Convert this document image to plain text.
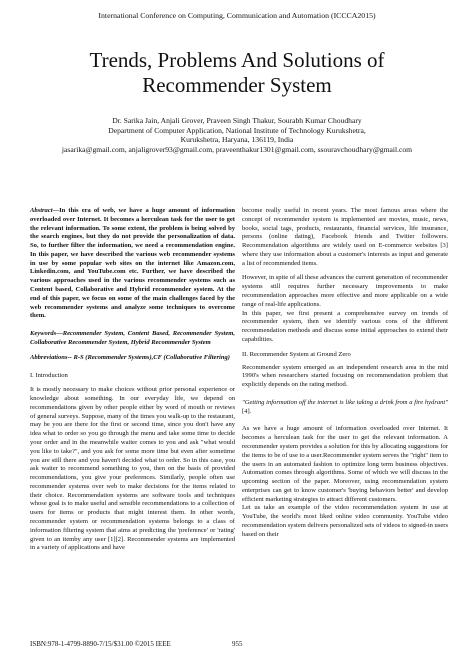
International Conference on Computing, Communication and Automation (ICCCA2015)
Trends, Problems And Solutions of
Recommender System
Dr. Sarika Jain, Anjali Grover, Praveen Singh Thakur, Sourabh Kumar Choudhary
Department of Computer Application, National Institute of Technology Kurukshetra,
Kurukshetra, Haryana, 136119, India
jasarika@gmail.com, anjaligrover93@gmail.com, praveenthakur1301@gmail.com, ssouravchoudhary@gmail.com

Abstract—In this era of web, we have a huge amount of information overloaded over Internet. It becomes a herculean task for the user to get the relevant information. To some extent, the problem is being solved by the search engines, but they do not provide the personalization of data. So, to further filter the information, we need a recommendation engine. In this paper, we have described the various web recommender systems in use by some popular web sites on the internet like Amazon.com, Linkedin.com, and YouTube.com etc. Further, we have described the various approaches used in the various recommender systems such as Content based, Collaborative and Hybrid recommender system. At the end of this paper, we focus on some of the main challenges faced by the web recommender systems and analyze some techniques to overcome them.

Keywords—Recommender System, Content Based, Recommender System, Collaborative Recommender System, Hybrid Recommender System

Abbreviations-- R-S (Recommender Systems),CF (Collaborative Filtering)

I. Introduction

It is mostly necessary to make choices without prior personal experience or knowledge about something. In our everyday life, we depend on recommendations given by other people either by word of mouth or reviews of general surveys. Suppose, many of the times you walk-up to the restaurant, may be you are there for the first or second time, since you don't have any idea what to order so you go through the menu and take some time to decide your order and in the meanwhile waiter comes to you and ask "what would you like to take?", and you ask for some more time but even after sometime you are still there and you haven't decided what to order. So in this case, you ask waiter to recommend something to you, then on the basis of provided recommendations, you give your preferences. Similarly, people often use recommender systems over web to make decisions for the items related to their choice. Recommendation systems are software tools and techniques whose goal is to make useful and sensible recommendations to a collection of users for items or products that might interest them. In other words, recommender system or recommendation systems belongs to a class of information filtering system that aims at predicting the 'preference' or 'rating' given to an itemby any user [1][2]. Recommender systems are implemented in a variety of applications and have

become really useful in recent years. The most famous areas where the concept of recommender system is implemented are movies, music, news, books, social tags, products, restaurants, financial services, life insurance, persons (online dating), Facebook friends and Twitter followers. Recommendation algorithms are widely used on E-commerce websites [3] where they use information about a customer's interests as input and generate a list of recommended items.

However, in spite of all these advances the current generation of recommender systems still requires further necessary improvements to make recommendation approaches more effective and more applicable on a wide range of real-life applications.

In this paper, we first present a comprehensive survey on trends of recommender system, then we identify various cons of the different recommendation methods and discuss some initial approaches to extend their capabilities.

II. Recommender System at Ground Zero

Recommender system emerged as an independent research area in the mid 1990's when researchers started focusing on recommendation problem that explicitly depends on the rating method.

"Getting information off the internet is like taking a drink from a fire hydrant"[4].

As we have a huge amount of information overloaded over Internet. It becomes a herculean task for the user to get the relevant information. A recommender system provides a solution for this by allocating suggestions for the items to be of use to a user.Recommender system serves the "right" item to the users in an automated fashion to optimize long term business objectives. Automation comes through algorithms. Some of which we will discuss in the upcoming section of the paper. Moreover, using recommendation system enterprises can get to know customer's 'buying behaviors better' and develop efficient marketing strategies to attract different customers.

Let us take an example of the video recommendation system in use at YouTube, the world's most liked online video community. YouTube video recommendation system delivers personalized sets of videos to signed-in users based on their

ISBN:978-1-4799-8890-7/15/$31.00 ©2015 IEEE	955
